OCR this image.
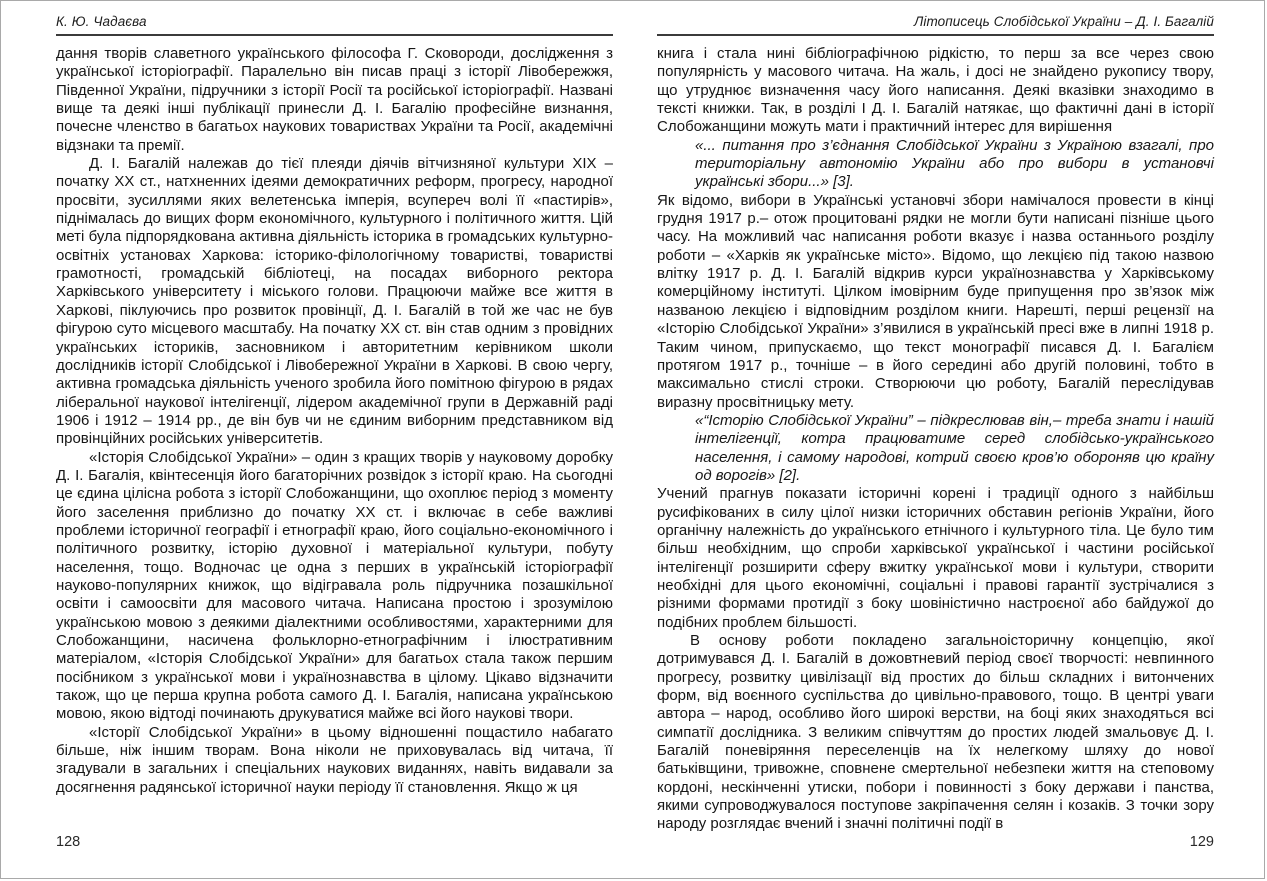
К. Ю. Чадаєва

дання творів славетного українського філософа Г. Сковороди, дослідження з української історіографії. Паралельно він писав праці з історії Лівобережжя, Південної України, підручники з історії Росії та російської історіографії. Названі вище та деякі інші публікації принесли Д. І. Багалію професійне визнання, почесне членство в багатьох наукових товариствах України та Росії, академічні відзнаки та премії.

Д. І. Багалій належав до тієї плеяди діячів вітчизняної культури XIX – початку XX ст., натхненних ідеями демократичних реформ, прогресу, народної просвіти, зусиллями яких велетенська імперія, всупереч волі її «пастирів», піднімалась до вищих форм економічного, культурного і політичного життя. Цій меті була підпорядкована активна діяльність історика в громадських культурно-освітніх установах Харкова: історико-філологічному товаристві, товаристві грамотності, громадській бібліотеці, на посадах виборного ректора Харківського університету і міського голови. Працюючи майже все життя в Харкові, піклуючись про розвиток провінції, Д. І. Багалій в той же час не був фігурою суто місцевого масштабу. На початку XX ст. він став одним з провідних українських істориків, засновником і авторитетним керівником школи дослідників історії Слобідської і Лівобережної України в Харкові. В свою чергу, активна громадська діяльність ученого зробила його помітною фігурою в рядах ліберальної наукової інтелігенції, лідером академічної групи в Державній раді 1906 і 1912 – 1914 рр., де він був чи не єдиним виборним представником від провінційних російських університетів.

«Історія Слобідської України» – один з кращих творів у науковому доробку Д. І. Багалія, квінтесенція його багаторічних розвідок з історії краю. На сьогодні це єдина цілісна робота з історії Слобожанщини, що охоплює період з моменту його заселення приблизно до початку XX ст. і включає в себе важливі проблеми історичної географії і етнографії краю, його соціально-економічного і політичного розвитку, історію духовної і матеріальної культури, побуту населення, тощо. Водночас це одна з перших в українській історіографії науково-популярних книжок, що відігравала роль підручника позашкільної освіти і самоосвіти для масового читача. Написана простою і зрозумілою українською мовою з деякими діалектними особливостями, характерними для Слобожанщини, насичена фольклорно-етнографічним і ілюстративним матеріалом, «Історія Слобідської України» для багатьох стала також першим посібником з української мови і українознавства в цілому. Цікаво відзначити також, що це перша крупна робота самого Д. І. Багалія, написана українською мовою, якою відтоді починають друкуватися майже всі його наукові твори.

«Історії Слобідської України» в цьому відношенні пощастило набагато більше, ніж іншим творам. Вона ніколи не приховувалась від читача, її згадували в загальних і спеціальних наукових виданнях, навіть видавали за досягнення радянської історичної науки періоду її становлення. Якщо ж ця

128
Літописець Слобідської України – Д. І. Багалій

книга і стала нині бібліографічною рідкістю, то перш за все через свою популярність у масового читача. На жаль, і досі не знайдено рукопису твору, що утруднює визначення часу його написання. Деякі вказівки знаходимо в тексті книжки. Так, в розділі I Д. І. Багалій натякає, що фактичні дані в історії Слобожанщини можуть мати і практичний інтерес для вирішення

«... питання про з’єднання Слобідської України з Україною взагалі, про територіальну автономію України або про вибори в установчі українські збори...» [3].

Як відомо, вибори в Українські установчі збори намічалося провести в кінці грудня 1917 р.– отож процитовані рядки не могли бути написані пізніше цього часу. На можливий час написання роботи вказує і назва останнього розділу роботи – «Харків як українське місто». Відомо, що лекцією під такою назвою влітку 1917 р. Д. І. Багалій відкрив курси українознавства у Харківському комерційному інституті. Цілком імовірним буде припущення про зв’язок між названою лекцією і відповідним розділом книги. Нарешті, перші рецензії на «Історію Слобідської України» з’явилися в українській пресі вже в липні 1918 р. Таким чином, припускаємо, що текст монографії писався Д. І. Багалієм протягом 1917 р., точніше – в його середині або другій половині, тобто в максимально стислі строки. Створюючи цю роботу, Багалій переслідував виразну просвітницьку мету.

«“Історію Слобідської України” – підкреслював він,– треба знати і нашій інтелігенції, котра працюватиме серед слобідсько-українського населення, і самому народові, котрий своєю кров’ю обороняв цю країну од ворогів» [2].

Учений прагнув показати історичні корені і традиції одного з найбільш русифікованих в силу цілої низки історичних обставин регіонів України, його органічну належність до українського етнічного і культурного тіла. Це було тим більш необхідним, що спроби харківської української і частини російської інтелігенції розширити сферу вжитку української мови і культури, створити необхідні для цього економічні, соціальні і правові гарантії зустрічалися з різними формами протидії з боку шовіністично настроєної або байдужої до подібних проблем більшості.

В основу роботи покладено загальноісторичну концепцію, якої дотримувався Д. І. Багалій в дожовтневий період своєї творчості: невпинного прогресу, розвитку цивілізації від простих до більш складних і витончених форм, від воєнного суспільства до цивільно-правового, тощо. В центрі уваги автора – народ, особливо його широкі верстви, на боці яких знаходяться всі симпатії дослідника. З великим співчуттям до простих людей змальовує Д. І. Багалій поневіряння переселенців на їх нелегкому шляху до нової батьківщини, тривожне, сповнене смертельної небезпеки життя на степовому кордоні, нескінченні утиски, побори і повинності з боку держави і панства, якими супроводжувалося поступове закріпачення селян і козаків. З точки зору народу розглядає вчений і значні політичні події в

129
